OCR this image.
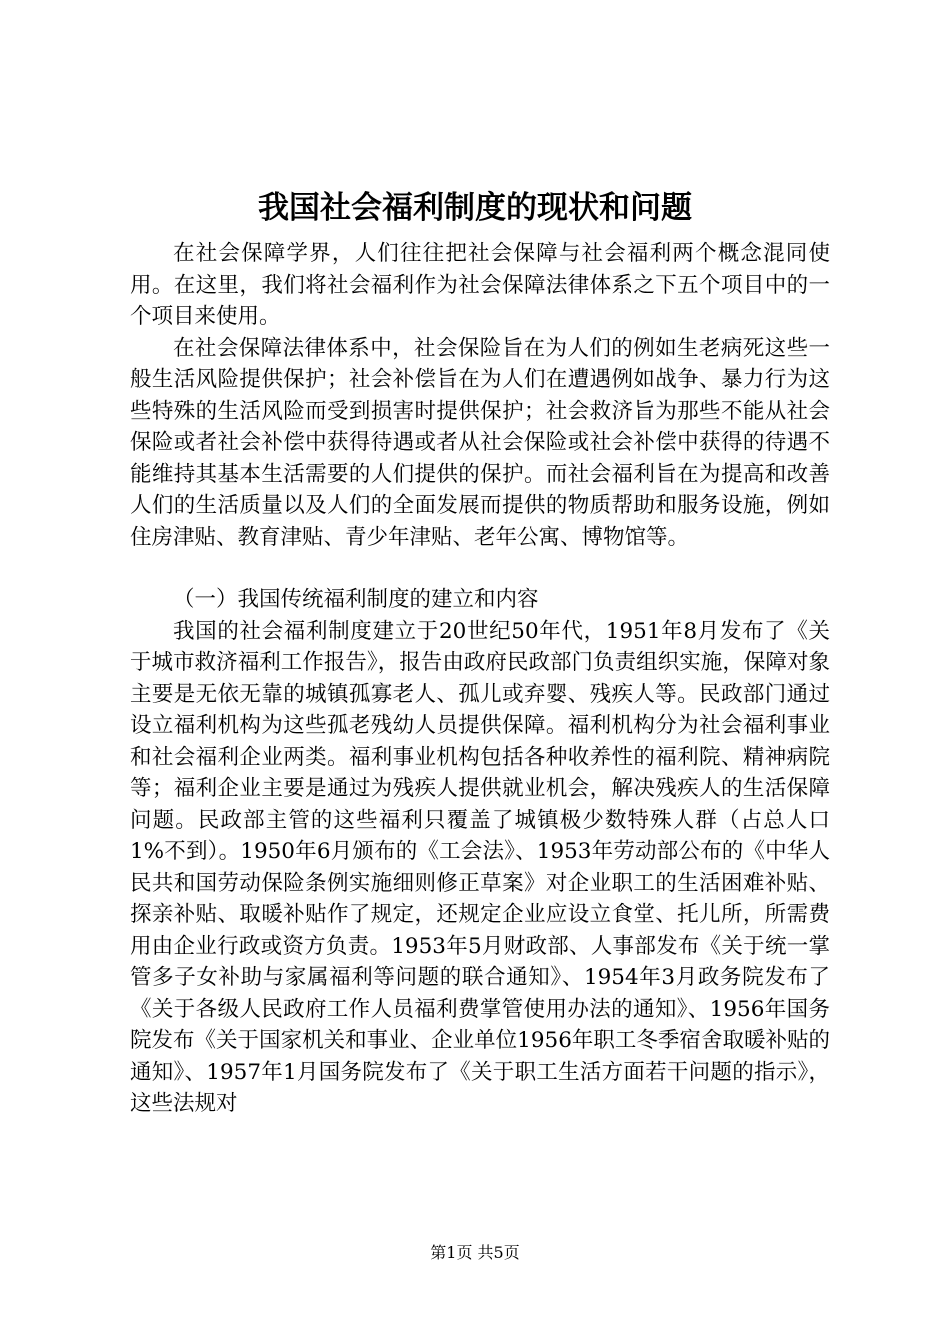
我国社会福利制度的现状和问题

在社会保障学界，人们往往把社会保障与社会福利两个概念混同使用。在这里，我们将社会福利作为社会保障法律体系之下五个项目中的一个项目来使用。

在社会保障法律体系中，社会保险旨在为人们的例如生老病死这些一般生活风险提供保护；社会补偿旨在为人们在遭遇例如战争、暴力行为这些特殊的生活风险而受到损害时提供保护；社会救济旨为那些不能从社会保险或者社会补偿中获得待遇或者从社会保险或社会补偿中获得的待遇不能维持其基本生活需要的人们提供的保护。而社会福利旨在为提高和改善人们的生活质量以及人们的全面发展而提供的物质帮助和服务设施，例如住房津贴、教育津贴、青少年津贴、老年公寓、博物馆等。

（一）我国传统福利制度的建立和内容

我国的社会福利制度建立于20世纪50年代，1951年8月发布了《关于城市救济福利工作报告》，报告由政府民政部门负责组织实施，保障对象主要是无依无靠的城镇孤寡老人、孤儿或弃婴、残疾人等。民政部门通过设立福利机构为这些孤老残幼人员提供保障。福利机构分为社会福利事业和社会福利企业两类。福利事业机构包括各种收养性的福利院、精神病院等；福利企业主要是通过为残疾人提供就业机会，解决残疾人的生活保障问题。民政部主管的这些福利只覆盖了城镇极少数特殊人群（占总人口1%不到）。1950年6月颁布的《工会法》、1953年劳动部公布的《中华人民共和国劳动保险条例实施细则修正草案》对企业职工的生活困难补贴、探亲补贴、取暖补贴作了规定，还规定企业应设立食堂、托儿所，所需费用由企业行政或资方负责。1953年5月财政部、人事部发布《关于统一掌管多子女补助与家属福利等问题的联合通知》、1954年3月政务院发布了《关于各级人民政府工作人员福利费掌管使用办法的通知》、1956年国务院发布《关于国家机关和事业、企业单位1956年职工冬季宿舍取暖补贴的通知》、1957年1月国务院发布了《关于职工生活方面若干问题的指示》，这些法规对

第1页 共5页
